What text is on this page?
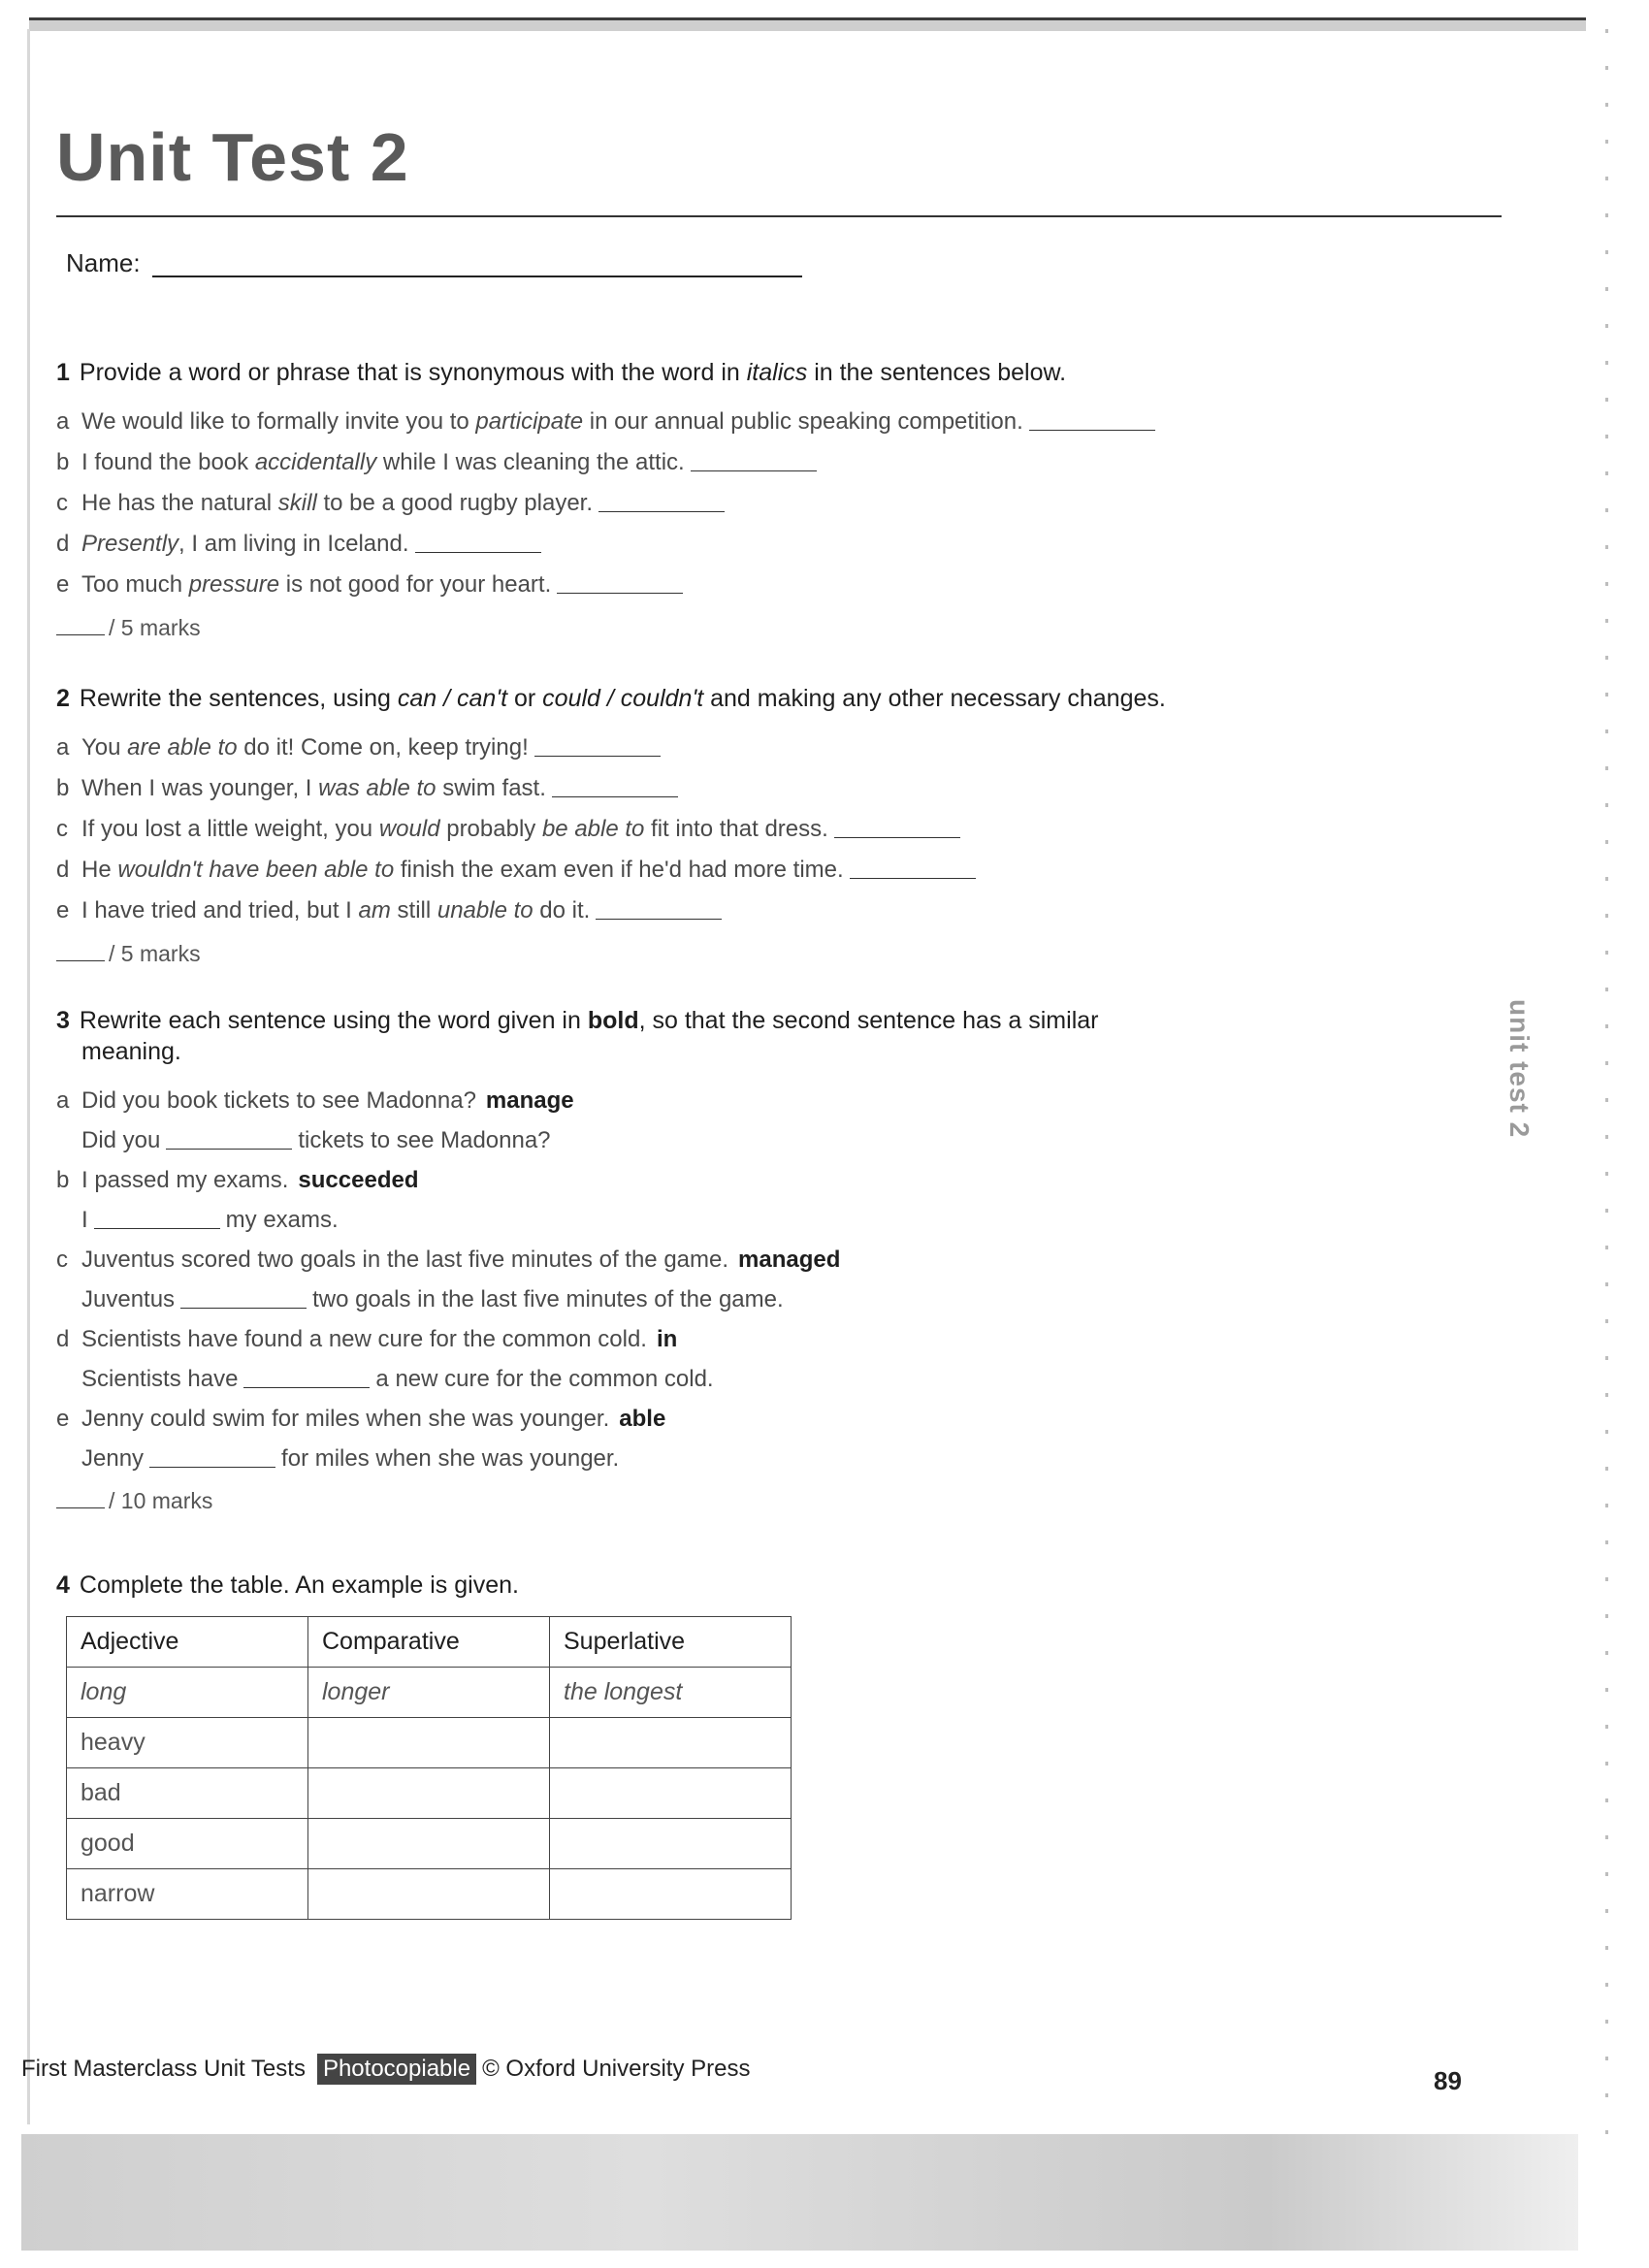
Unit Test 2
Name:
1 Provide a word or phrase that is synonymous with the word in italics in the sentences below.
a We would like to formally invite you to participate in our annual public speaking competition.
b I found the book accidentally while I was cleaning the attic.
c He has the natural skill to be a good rugby player.
d Presently, I am living in Iceland.
e Too much pressure is not good for your heart.
/ 5 marks
2 Rewrite the sentences, using can / can't or could / couldn't and making any other necessary changes.
a You are able to do it! Come on, keep trying!
b When I was younger, I was able to swim fast.
c If you lost a little weight, you would probably be able to fit into that dress.
d He wouldn't have been able to finish the exam even if he'd had more time.
e I have tried and tried, but I am still unable to do it.
/ 5 marks
3 Rewrite each sentence using the word given in bold, so that the second sentence has a similar
meaning.
a Did you book tickets to see Madonna? manage
Did you	tickets to see Madonna?
b I passed my exams. succeeded
I	my exams.
c Juventus scored two goals in the last five minutes of the game. managed
Juventus	two goals in the last five minutes of the game.
d Scientists have found a new cure for the common cold. in
Scientists have	a new cure for the common cold.
e Jenny could swim for miles when she was younger. able
Jenny	for miles when she was younger.
/ 10 marks
4 Complete the table. An example is given.
Adjective	Comparative	Superlative
long	longer	the longest
heavy		
bad		
good		
narrow		
unit test 2
First Masterclass Unit Tests Photocopiable © Oxford University Press	89
